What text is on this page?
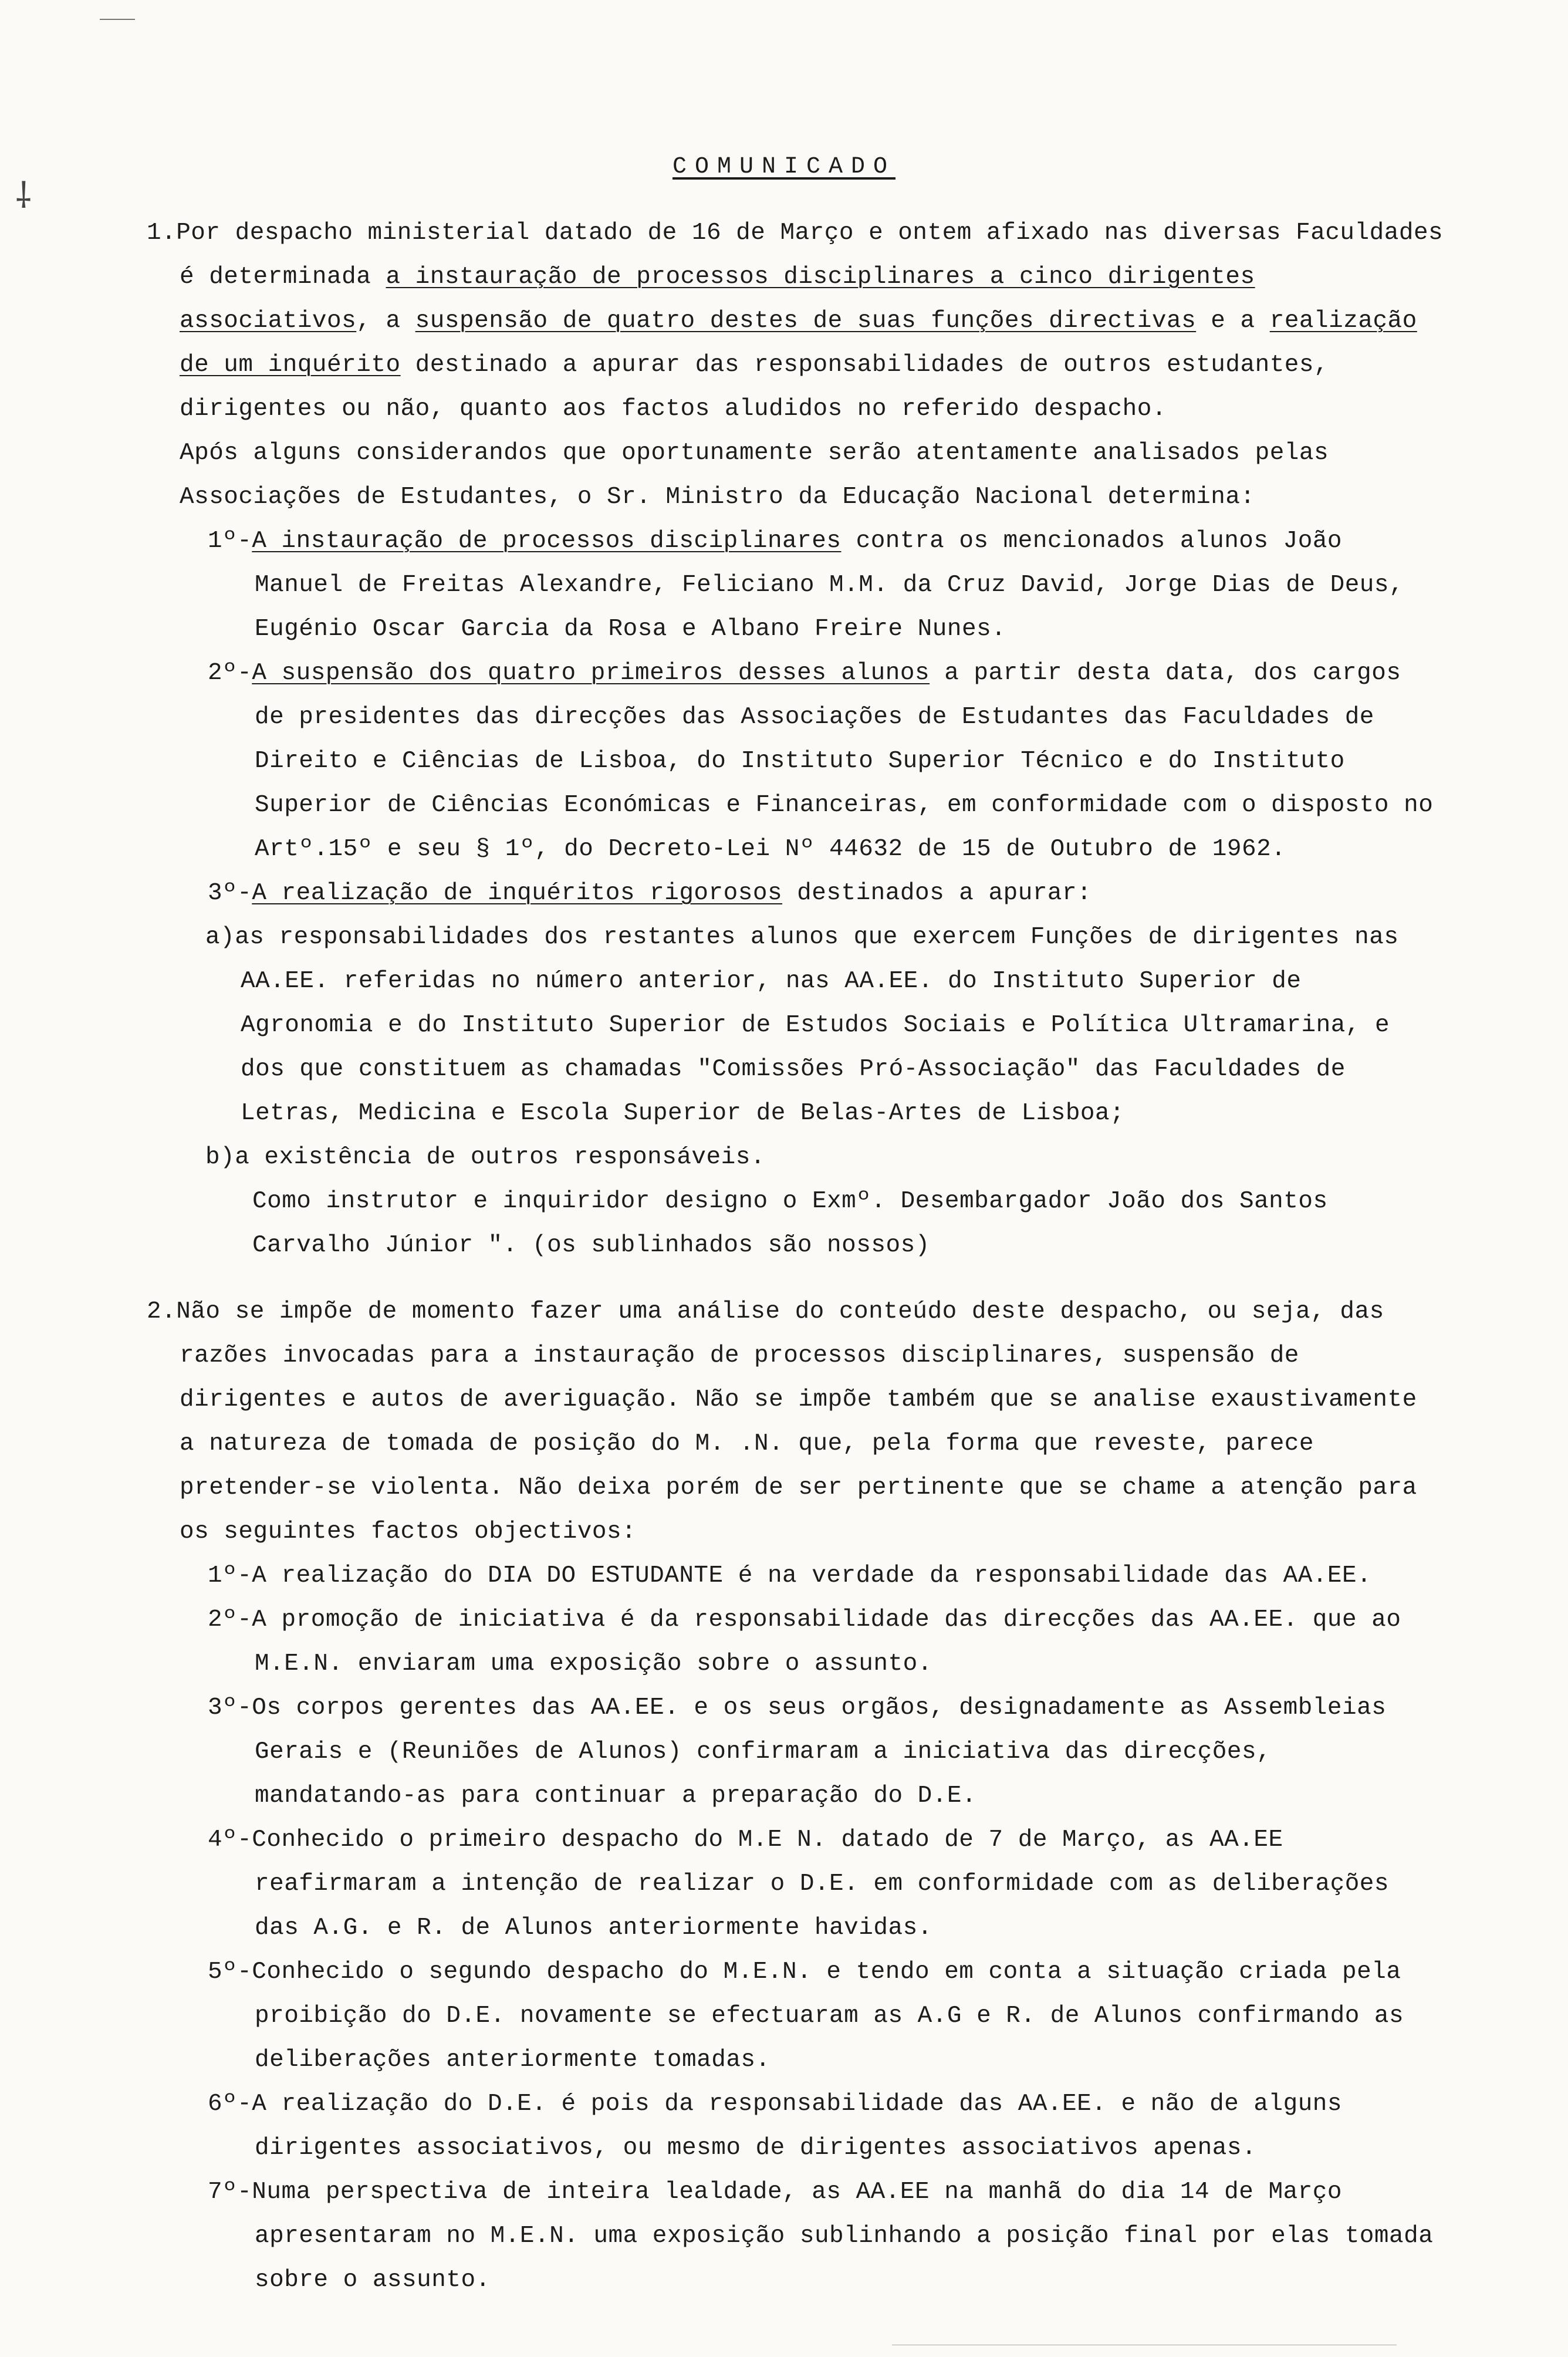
⸸
COMUNICADO
1.Por despacho ministerial datado de 16 de Março e ontem afixado nas diversas Faculdades é determinada a instauração de processos disciplinares a cinco dirigentes associativos, a suspensão de quatro destes de suas funções directivas e a realização de um inquérito destinado a apurar das responsabilidades de outros estudantes, dirigentes ou não, quanto aos factos aludidos no referido despacho.
Após alguns considerandos que oportunamente serão atentamente analisados pelas Associações de Estudantes, o Sr. Ministro da Educação Nacional determina:
1º-A instauração de processos disciplinares contra os mencionados alunos João Manuel de Freitas Alexandre, Feliciano M.M. da Cruz David, Jorge Dias de Deus, Eugénio Oscar Garcia da Rosa e Albano Freire Nunes.
2º-A suspensão dos quatro primeiros desses alunos a partir desta data, dos cargos de presidentes das direcções das Associações de Estudantes das Faculdades de Direito e Ciências de Lisboa, do Instituto Superior Técnico e do Instituto Superior de Ciências Económicas e Financeiras, em conformidade com o disposto no Artº.15º e seu § 1º, do Decreto-Lei Nº 44632 de 15 de Outubro de 1962.
3º-A realização de inquéritos rigorosos destinados a apurar:
a)as responsabilidades dos restantes alunos que exercem Funções de dirigentes nas AA.EE. referidas no número anterior, nas AA.EE. do Instituto Superior de Agronomia e do Instituto Superior de Estudos Sociais e Política Ultramarina, e dos que constituem as chamadas "Comissões Pró-Associação" das Faculdades de Letras, Medicina e Escola Superior de Belas-Artes de Lisboa;
b)a existência de outros responsáveis.
Como instrutor e inquiridor designo o Exmº. Desembargador João dos Santos Carvalho Júnior ". (os sublinhados são nossos)
2.Não se impõe de momento fazer uma análise do conteúdo deste despacho, ou seja, das razões invocadas para a instauração de processos disciplinares, suspensão de dirigentes e autos de averiguação. Não se impõe também que se analise exaustivamente a natureza de tomada de posição do M. .N. que, pela forma que reveste, parece pretender-se violenta. Não deixa porém de ser pertinente que se chame a atenção para os seguintes factos objectivos:
1º-A realização do DIA DO ESTUDANTE é na verdade da responsabilidade das AA.EE.
2º-A promoção de iniciativa é da responsabilidade das direcções das AA.EE. que ao M.E.N. enviaram uma exposição sobre o assunto.
3º-Os corpos gerentes das AA.EE. e os seus orgãos, designadamente as Assembleias Gerais e (Reuniões de Alunos) confirmaram a iniciativa das direcções, mandatando-as para continuar a preparação do D.E.
4º-Conhecido o primeiro despacho do M.E N. datado de 7 de Março, as AA.EE reafirmaram a intenção de realizar o D.E. em conformidade com as deliberações das A.G. e R. de Alunos anteriormente havidas.
5º-Conhecido o segundo despacho do M.E.N. e tendo em conta a situação criada pela proibição do D.E. novamente se efectuaram as A.G e R. de Alunos confirmando as deliberações anteriormente tomadas.
6º-A realização do D.E. é pois da responsabilidade das AA.EE. e não de alguns dirigentes associativos, ou mesmo de dirigentes associativos apenas.
7º-Numa perspectiva de inteira lealdade, as AA.EE na manhã do dia 14 de Março apresentaram no M.E.N. uma exposição sublinhando a posição final por elas tomada sobre o assunto.
